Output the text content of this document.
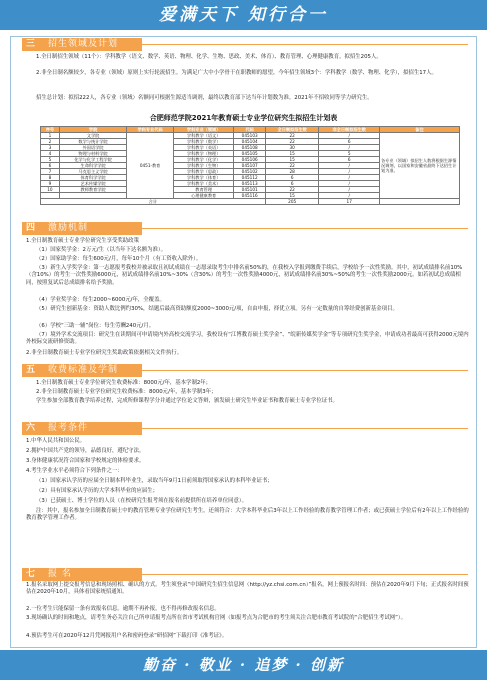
爱满天下 知行合一
三 招生领域及计划
1.全日制招生领域（11个）：学科教学（语文、数学、英语、物理、化学、生物、思政、美术、体育）、教育管理、心理健康教育。拟招生205人。
2.非全日制名额较少，各专业（领域）原则上实行轮流招生。为满足广大中小学骨干在职教师的愿望，今年招生领域3个：学科教学（数学、物理、化学），拟招生17人。
招生总计划：拟招222人，各专业（领域）名额同可根据生源适当调剂，最终以教育部下达当年计划数为准。2021年不招收同等学力研究生。
合肥师范学院2021年教育硕士专业学位研究生拟招生计划表
序号	学院	学科专业代码	学科专业（领域）	代码	全日制拟招生数	非全日制拟招生数	备注
1	文学院	0451-教育	学科教学（语文）	045103	22	/	各专业（领域）拟招生人数将根据生源情况调剂，以国家和安徽省最终下达招生计划为准。
2	数学与统计学院		学科教学（数学）	045104	22	6	
3	外国语学院		学科教学（英语）	045108	30	/	
4	物理与材料学院		学科教学（物理）	045105	15	5	
5	化学与化学工程学院		学科教学（化学）	045106	15	6	
6	生命科学学院		学科教学（生物）	045107	22	/	
7	马克思主义学院		学科教学（思政）	045102	28	/	
8	体育科学学院		学科教学（体育）	045112	6	/	
9	艺术传媒学院		学科教学（美术）	045113	6	/	
10	教师教育学院		教育管理	045101	22	/	
			心理健康教育	045116	15	/	
合计					205	17	
四 激励机制
1.全日制教育硕士专业学位研究生享受奖助政策
（1）国家奖学金：2万元/生（以当年下达名额为准）。
（2）国家助学金：每生600元/月，每年10个月（有工资收入除外）。
（3）新生入学奖学金：第一志愿报考我校并被录取且初试成绩在一志愿录取考生中排名前50%的，在我校入学报到缴费手续后，学校给予一次性奖励。其中，初试成绩排名前10%（含10%）的考生一次性奖励6000元，初试成绩排名前10%~30%（含30%）的考生一次性奖励4000元，初试成绩排名前30%~50%的考生一次性奖励2000元。如若初试总成绩相同，按照复试后总成绩排名给予奖励。
（4）学业奖学金：每生2000~6000元/年，全覆盖。
（5）研究生创新基金：资助人数比例约30%，结题后最高资助额度2000~3000元/项，自由申报，择优立项。另有一定数量的自筹经费创新基金项目。
（6）学校“三助一辅”岗位：每生劳酬240元/月。
（7）境外学术交流项目：研究生在读期间可申请境内外高校交流学习，我校设有“江博教育硕士奖学金”、“皖新传媒奖学金”等专项研究生奖学金，申请成功者最高可获得2000元境内外校际交流研修资助。
2.非全日制教育硕士专业学位研究生奖助政策依据相关文件执行。
五 收费标准及学制
1.全日制教育硕士专业学位研究生收费标准：8000元/年，基本学制2年；
2.非全日制教育硕士专业学位研究生收费标准：8000元/年，基本学制3年；
学生参加全部教育教学培养过程，完成所修课程学分并通过学位论文答辩，颁发硕士研究生毕业证书和教育硕士专业学位证书。
六 报考条件
1.中华人民共和国公民。
2.拥护中国共产党的领导，品德良好，遵纪守法。
3.身体健康状况符合国家和学校规定的体检要求。
4.考生学业水平必须符合下列条件之一：
（1）国家承认学历的应届全日制本科毕业生，录取当年9月1日前须取得国家承认的本科毕业证书；
（2）具有国家承认学历的大学本科毕业的应届生；
（3）已获硕士、博士学位的人员（在校研究生报考须在报名前提供所在培养单位同意）。
注：其中，报名参加全日制教育硕士中的教育管理专业学位研究生考生，还须符合：大学本科毕业后3年以上工作经验的教育教学管理工作者；或已获硕士学位后有2年以上工作经验的教育教学管理工作者。
七 报 名
1.报名采取网上提交报考信息和现场照相、确认的方式。考生须登录“中国研究生招生信息网（http://yz.chsi.com.cn）”报名，网上预报名时间：预估在2020年9月下旬；正式报名时间预估在2020年10月，具体看国家统招通知。
2.一位考生只能保留一条有效报名信息。逾期不再补报，也不得再修改报名信息。
3.现场确认的时间和地点，请考生务必关注自己所申请报考点所在省市考试机构官网（如报考点为合肥市的考生须关注合肥市教育考试院的“合肥招生考试网”）。
4.预估考生可在2020年12月凭网报用户名和密码登录“研招网”下载打印《准考证》。
勤奋 · 敬业 · 追梦 · 创新
